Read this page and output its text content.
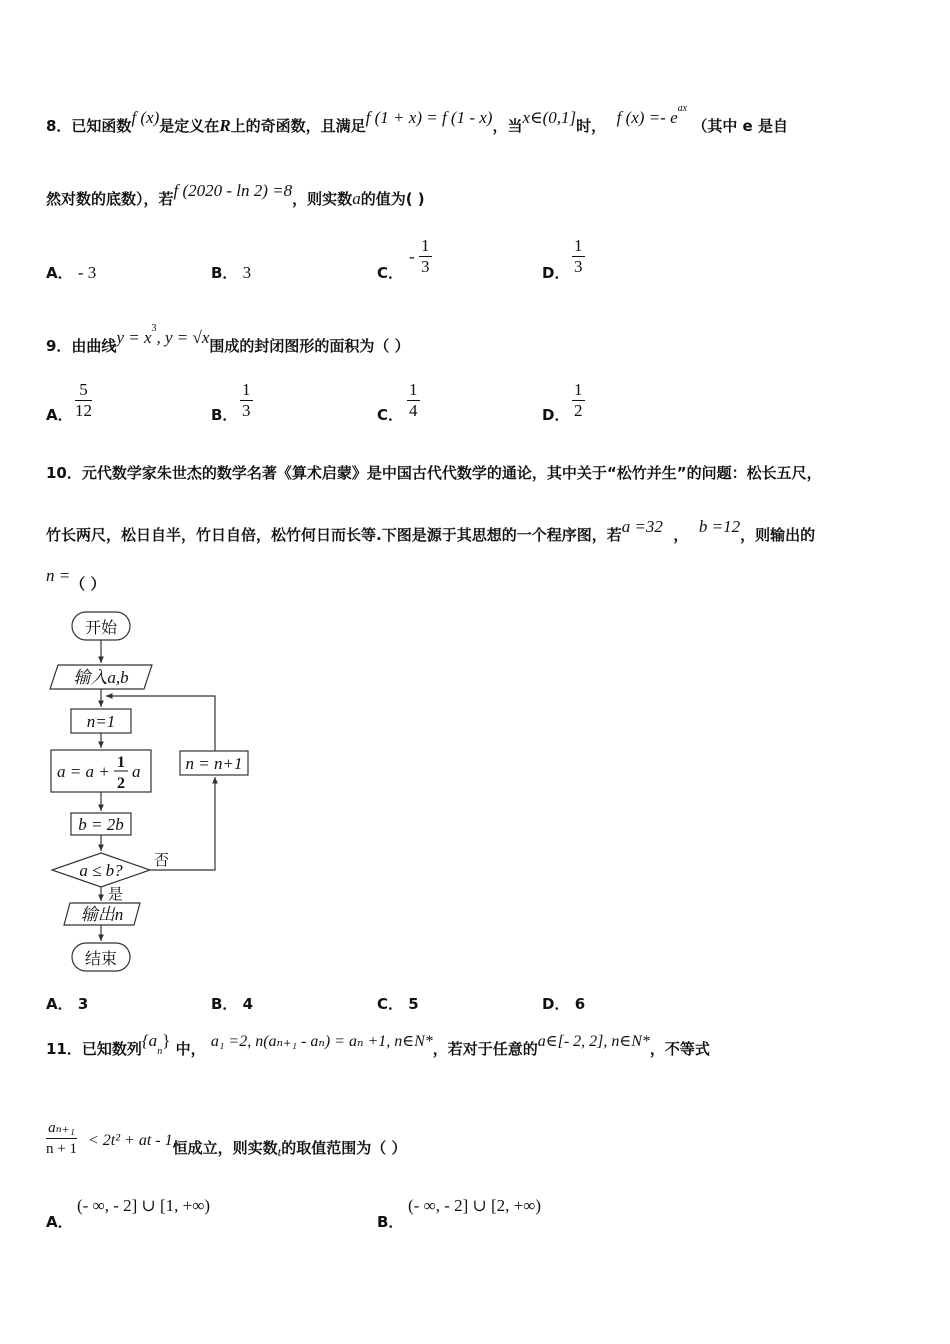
8．已知函数f (x)是定义在R上的奇函数，且满足f (1 + x) = f (1 - x)，当x∈(0,1]时， f $(x) =- e^{ax}$ （其中 e 是自
然对数的底数），若f (2020 - ln 2) =8，则实数a的值为( )
A． - 3	B． 3	C．
- $\frac{1}{3}$	D． $\frac{1}{3}$
9．由曲线$y = x^3$, y = √x围成的封闭图形的面积为（ ）
A． $\frac{5}{12}$	B． $\frac{1}{3}$	C． $\frac{1}{4}$	D． $\frac{1}{2}$
10．元代数学家朱世杰的数学名著《算术启蒙》是中国古代代数学的通论，其中关于“松竹并生”的问题：松长五尺，
竹长两尺，松日自半，竹日自倍，松竹何日而长等.下图是源于其思想的一个程序图，若a =32 ， b =12，则输出的
n =（ ）
开始
输入a,b
n=1
a = a + 1
2
a
b = 2b
a ≤ b? 否
是
输出n
结束
n = n+1
A． 3	B． 4	C． 5	D． 6
11．已知数列$\{a_n\}$ 中， a₁ =2, n(aₙ₊₁ - aₙ) = aₙ +1, n∈N*，若对于任意的a∈[- 2, 2], n∈N*，不等式
$\frac{\text{aₙ₊₁}}{n + 1} < 2t^2$ + at - 1恒成立，则实数t的取值范围为（ ）
A．
(- ∞, - 2] ∪ [1, +∞)
B．
(- ∞, - 2] ∪ [2, +∞)
